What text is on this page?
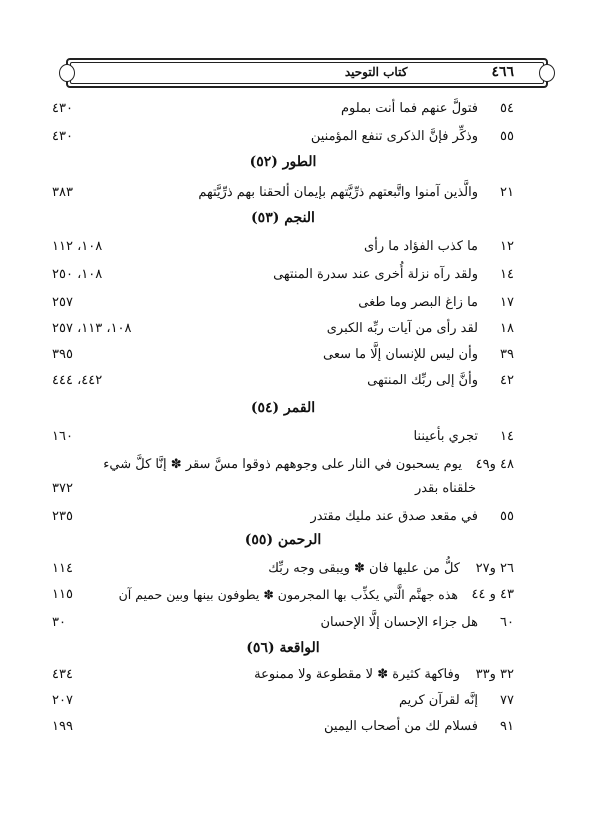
٤٦٦
كتاب التوحيد
٥٤
فتولَّ عنهم فما أنت بملوم
٤٣٠
٥٥
وذكِّر فإنَّ الذكرى تنفع المؤمنين
٤٣٠
الطور (٥٢)
٢١
والَّذين آمنوا واتَّبعتهم ذرِّيَّتهم بإيمان ألحقنا بهم ذرِّيَّتهم
٣٨٣
النجم (٥٣)
١٢
ما كذب الفؤاد ما رأى
١٠٨، ١١٢
١٤
ولقد رآه نزلة أُخرى عند سدرة المنتهى
١٠٨، ٢٥٠
١٧
ما زاغ البصر وما طغى
٢٥٧
١٨
لقد رأى من آيات ربِّه الكبرى
١٠٨، ١١٣، ٢٥٧
٣٩
وأن ليس للإنسان إلَّا ما سعى
٣٩٥
٤٢
وأنَّ إلى ربِّك المنتهى
٤٤٢، ٤٤٤
القمر (٥٤)
١٤
تجري بأعيننا
١٦٠
٤٨ و٤٩
يوم يسحبون في النار على وجوههم ذوقوا مسَّ سقر ✽ إنَّا كلَّ شيء
خلقناه بقدر
٣٧٢
٥٥
في مقعد صدق عند مليك مقتدر
٢٣٥
الرحمن (٥٥)
٢٦ و٢٧
كلُّ من عليها فان ✽ ويبقى وجه ربِّك
١١٤
٤٣ و ٤٤
هذه جهنَّم الَّتي يكذِّب بها المجرمون ✽ يطوفون بينها وبين حميم آن
١١٥
٦٠
هل جزاء الإحسان إلَّا الإحسان
٣٠
الواقعة (٥٦)
٣٢ و٣٣
وفاكهة كثيرة ✽ لا مقطوعة ولا ممنوعة
٤٣٤
٧٧
إنَّه لقرآن كريم
٢٠٧
٩١
فسلام لك من أصحاب اليمين
١٩٩
